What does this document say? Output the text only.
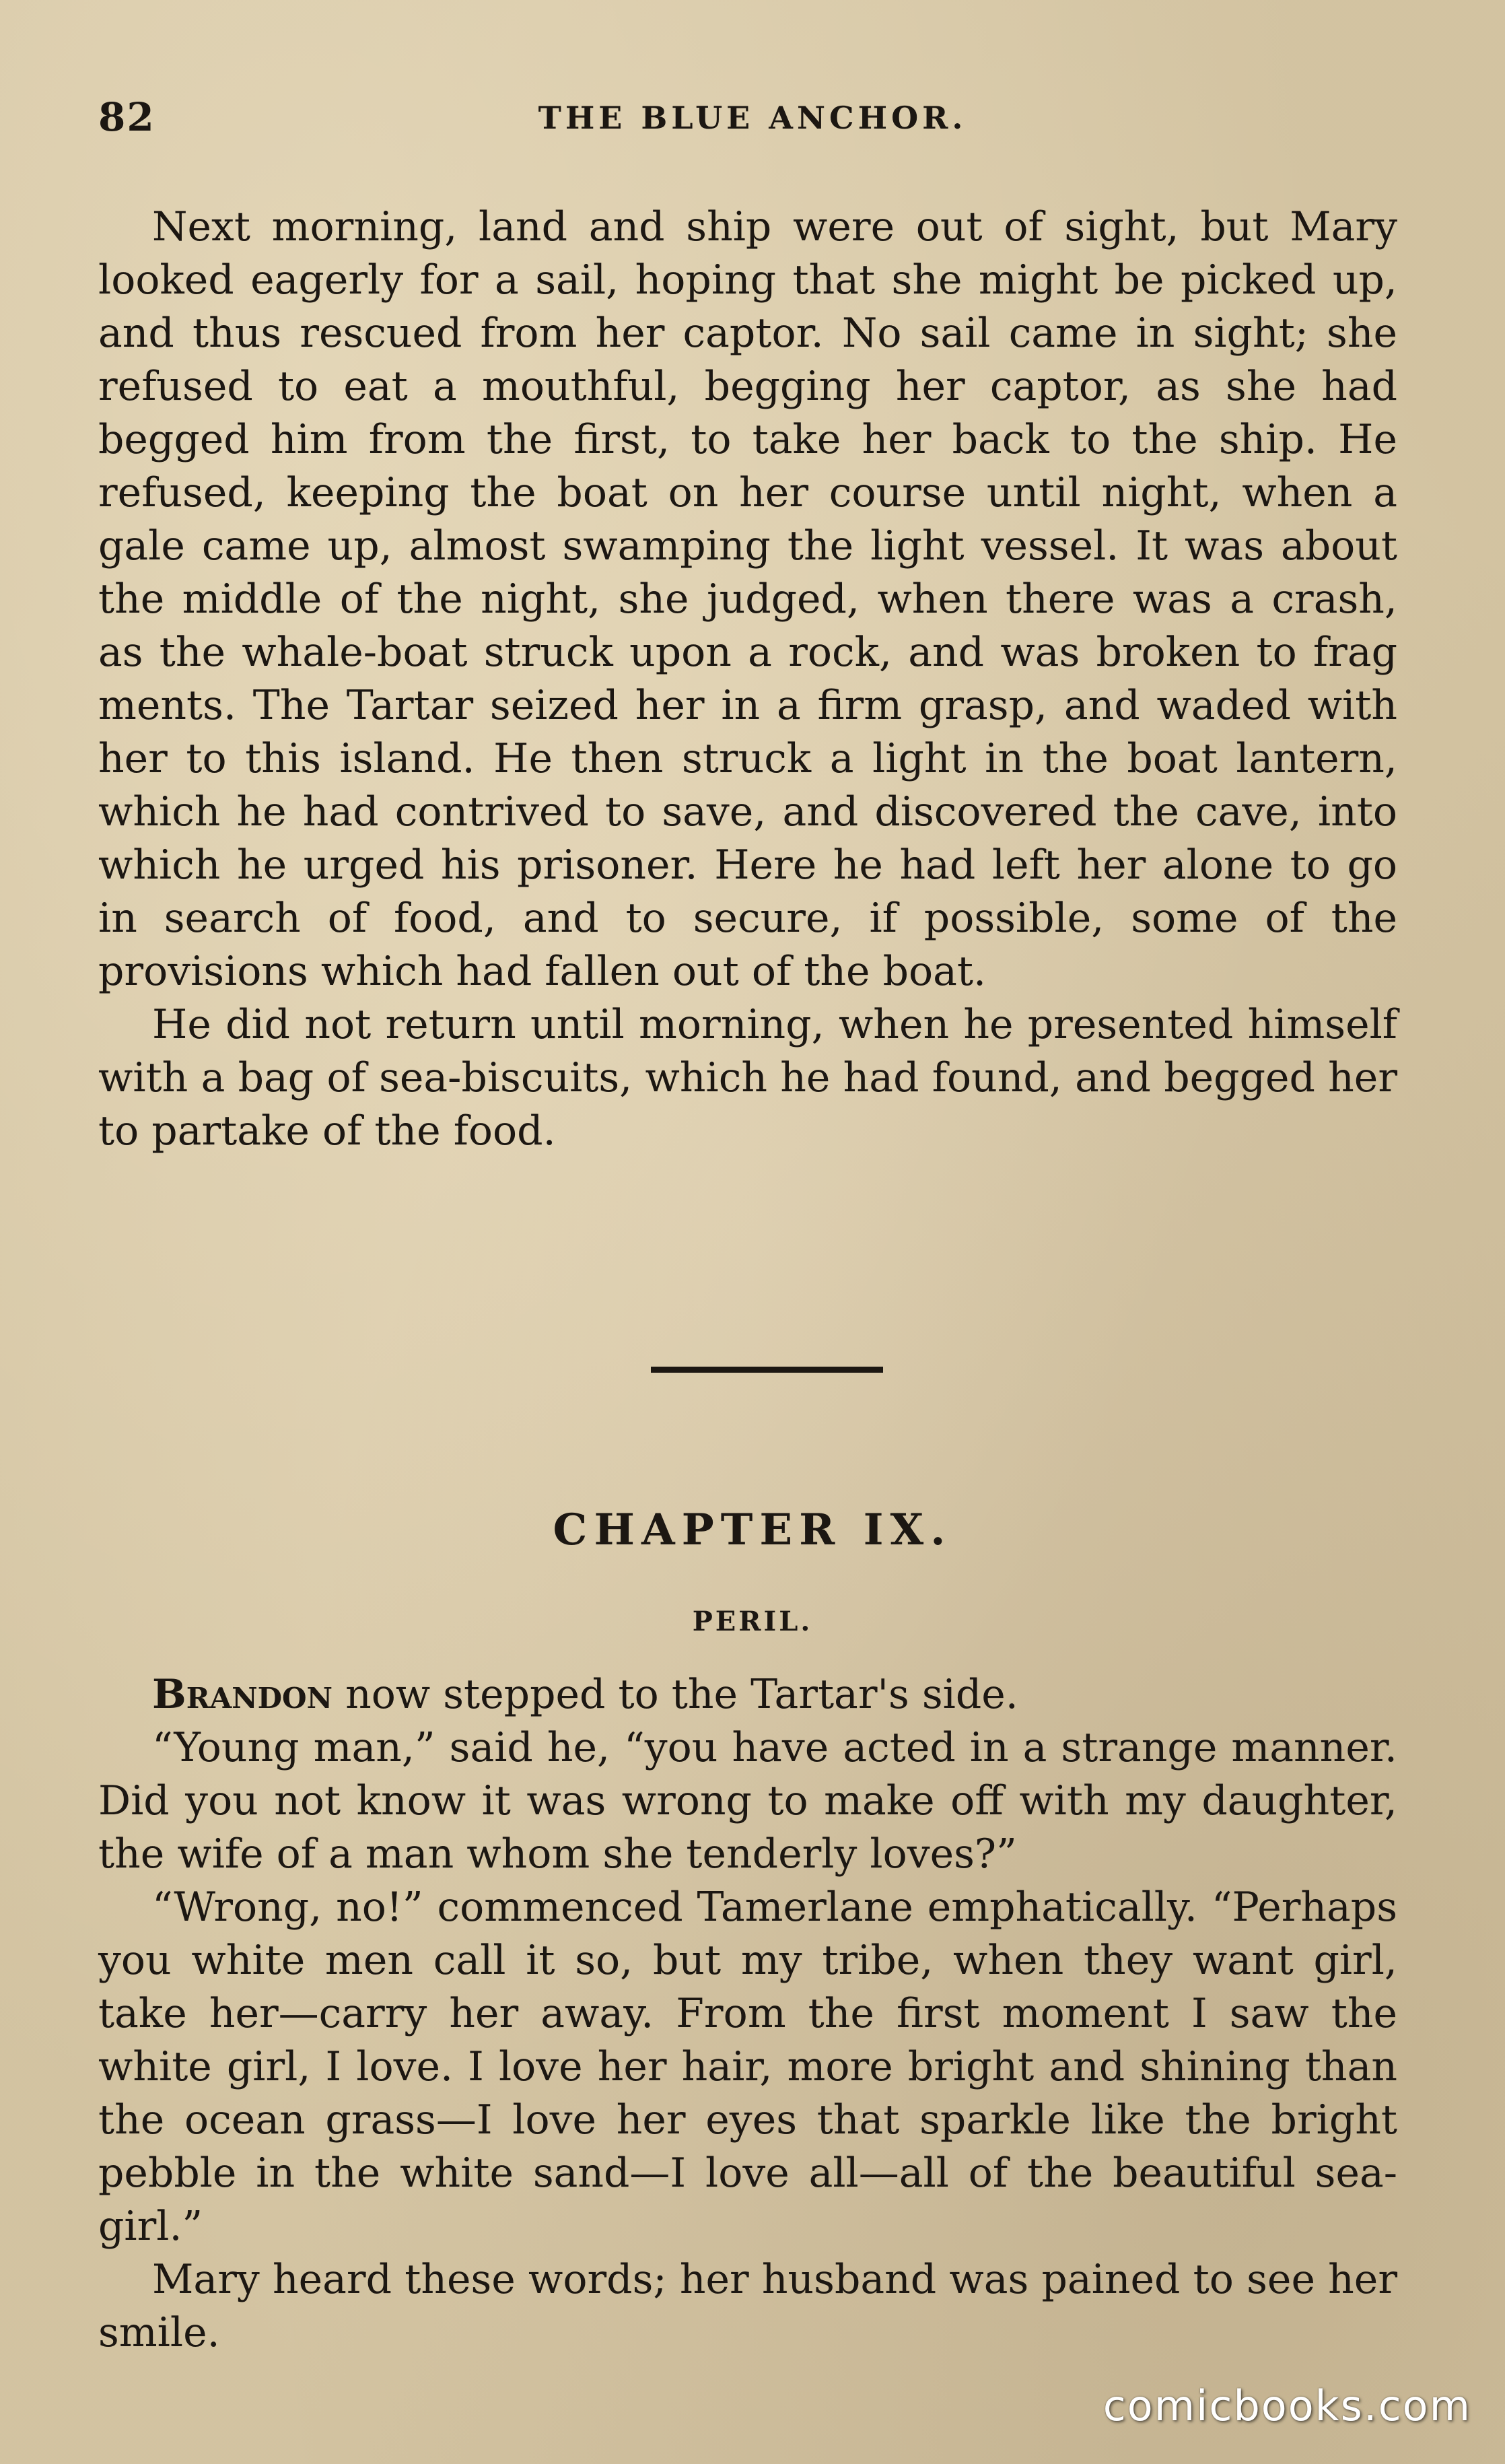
82	THE BLUE ANCHOR.

Next morning, land and ship were out of sight, but Mary looked eagerly for a sail, hoping that she might be picked up, and thus rescued from her captor. No sail came in sight; she refused to eat a mouthful, begging her captor, as she had begged him from the first, to take her back to the ship. He refused, keeping the boat on her course until night, when a gale came up, almost swamping the light vessel. It was about the middle of the night, she judged, when there was a crash, as the whale-boat struck upon a rock, and was broken to frag ments. The Tartar seized her in a firm grasp, and waded with her to this island. He then struck a light in the boat lantern, which he had contrived to save, and discovered the cave, into which he urged his prisoner. Here he had left her alone to go in search of food, and to secure, if possible, some of the provisions which had fallen out of the boat.

He did not return until morning, when he presented himself with a bag of sea-biscuits, which he had found, and begged her to partake of the food.

CHAPTER IX.
PERIL.

Brandon now stepped to the Tartar's side.

“Young man,” said he, “you have acted in a strange manner. Did you not know it was wrong to make off with my daughter, the wife of a man whom she tenderly loves?”

“Wrong, no!” commenced Tamerlane emphatically. “Perhaps you white men call it so, but my tribe, when they want girl, take her—carry her away. From the first moment I saw the white girl, I love. I love her hair, more bright and shining than the ocean grass—I love her eyes that sparkle like the bright pebble in the white sand—I love all—all of the beautiful sea-girl.”

Mary heard these words; her husband was pained to see her smile.

comicbooks.com
